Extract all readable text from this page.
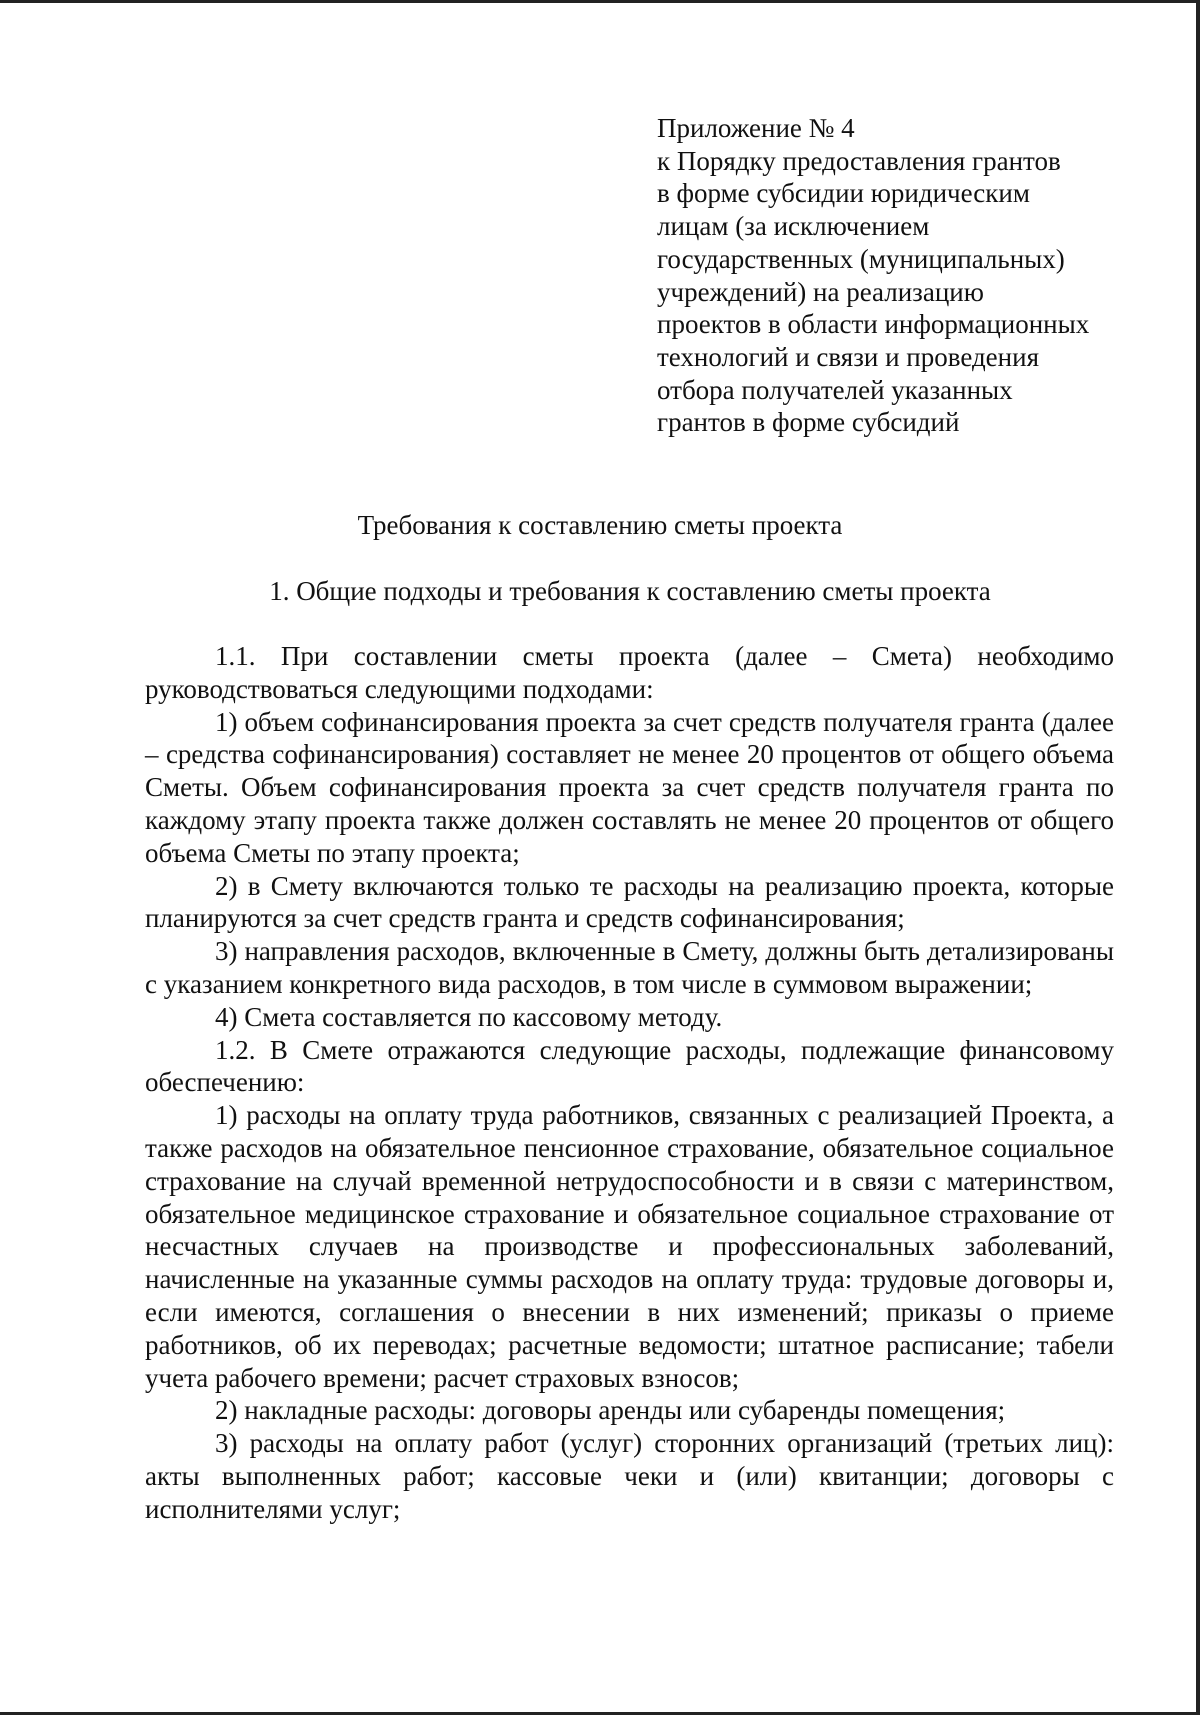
Приложение № 4
к Порядку предоставления грантов
в форме субсидии юридическим
лицам (за исключением
государственных (муниципальных)
учреждений) на реализацию
проектов в области информационных
технологий и связи и проведения
отбора получателей указанных
грантов в форме субсидий
Требования к составлению сметы проекта
1. Общие подходы и требования к составлению сметы проекта

1.1. При составлении сметы проекта (далее – Смета) необходимо руководствоваться следующими подходами:

1) объем софинансирования проекта за счет средств получателя гранта (далее – средства софинансирования) составляет не менее 20 процентов от общего объема Сметы. Объем софинансирования проекта за счет средств получателя гранта по каждому этапу проекта также должен составлять не менее 20 процентов от общего объема Сметы по этапу проекта;

2) в Смету включаются только те расходы на реализацию проекта, которые планируются за счет средств гранта и средств софинансирования;

3) направления расходов, включенные в Смету, должны быть детализированы с указанием конкретного вида расходов, в том числе в суммовом выражении;

4) Смета составляется по кассовому методу.

1.2. В Смете отражаются следующие расходы, подлежащие финансовому обеспечению:

1) расходы на оплату труда работников, связанных с реализацией Проекта, а также расходов на обязательное пенсионное страхование, обязательное социальное страхование на случай временной нетрудоспособности и в связи с материнством, обязательное медицинское страхование и обязательное социальное страхование от несчастных случаев на производстве и профессиональных заболеваний, начисленные на указанные суммы расходов на оплату труда: трудовые договоры и, если имеются, соглашения о внесении в них изменений; приказы о приеме работников, об их переводах; расчетные ведомости; штатное расписание; табели учета рабочего времени; расчет страховых взносов;

2) накладные расходы: договоры аренды или субаренды помещения;

3) расходы на оплату работ (услуг) сторонних организаций (третьих лиц): акты выполненных работ; кассовые чеки и (или) квитанции; договоры с исполнителями услуг;
